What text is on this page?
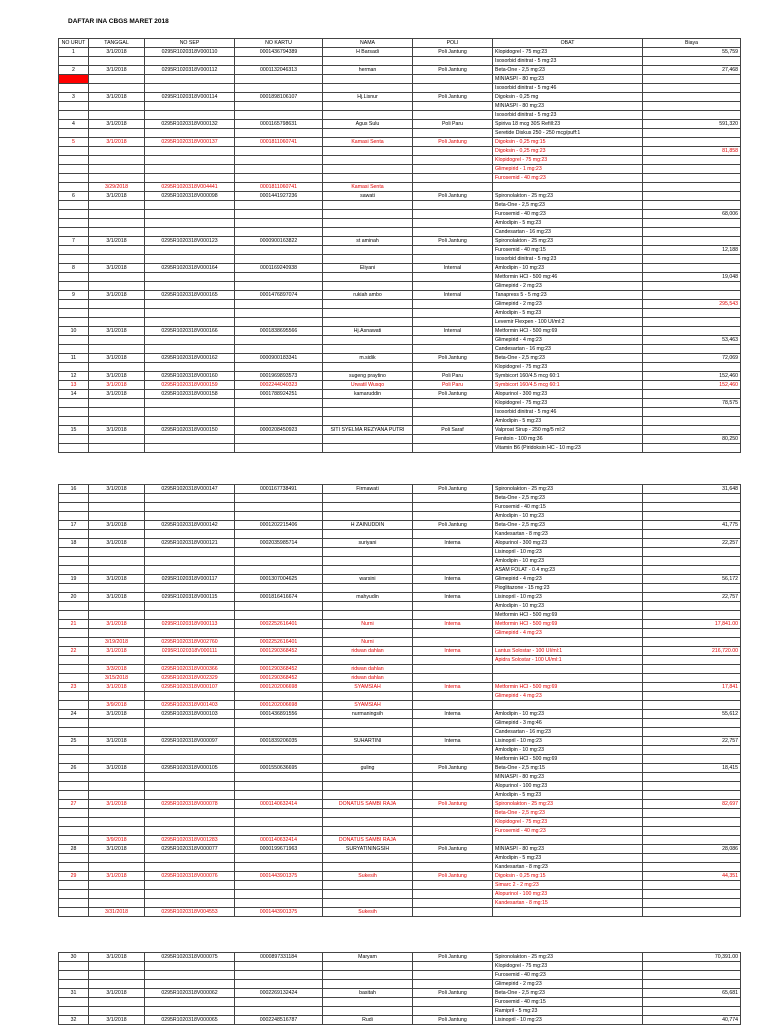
DAFTAR INA CBGS MARET 2018
NO URUT	TANGGAL	NO SEP	NO KARTU	NAMA	POLI	OBAT	Biaya
1	3/1/2018	0295R1020318V000110	0001436794389	H Barsadi	Poli Jantung	Klopidogrel - 75 mg:23	55,759
						Isosorbid dinitrat - 5 mg:23	
2	3/1/2018	0295R1020318V000112	0001132046313	herman	Poli Jantung	Beta-One - 2,5 mg:23	27,468
						MINIASPI - 80 mg:23	
						Isosorbid dinitrat - 5 mg:46	
3	3/1/2018	0295R1020318V000114	0001898106107	Hj.Lisnur	Poli Jantung	Digoksin - 0,25 mg	
						MINIASPI - 80 mg:23	
						Isosorbid dinitrat - 5 mg:23	
4	3/1/2018	0295R1020318V000132	0001165798631	Agus Sulu	Poli Paru	Spiriva 18 mcg 30S Refill:23	591,320
						Seretide Diskus 250 - 250 mcg/puff:1	
5	3/1/2018	0295R1020318V000137	0001811060741	Kamasi Senta	Poli Jantung	Digoksin - 0,25 mg:15	
						Digoksin - 0,25 mg:23	81,858
						Klopidogrel - 75 mg:23	
						Glimepirid - 1 mg:23	
						Furosemid - 40 mg:23	
	3/29/2018	0295R1020318V004441	0001811060741	Kamasi Senta			
6	3/1/2018	0295R1020318V000098	0001441927236	sawati	Poli Jantung	Spironolakton - 25 mg:23	
						Beta-One - 2,5 mg:23	
						Furosemid - 40 mg:23	68,006
						Amlodipin - 5 mg:23	
						Candesartan - 16 mg:23	
7	3/1/2018	0295R1020318V000123	0000900163822	st aminah	Poli Jantung	Spironolakton - 25 mg:23	
						Furosemid - 40 mg:15	12,188
						Isosorbid dinitrat - 5 mg:23	
8	3/1/2018	0295R1020318V000164	0001169240938	Eliyani	Internal	Amlodipin - 10 mg:23	
						Metformin HCl - 500 mg:46	19,048
						Glimepirid - 2 mg:23	
9	3/1/2018	0295R1020318V000165	0001476897074	rukiah ambo	Internal	Tanapress 5 - 5 mg:23	
						Glimepirid - 2 mg:23	295,543
						Amlodipin - 5 mg:23	
						Levemir Flexpen - 100 UI/ml:2	
10	3/1/2018	0295R1020318V000166	0001838695566	Hj.Asnawati	Internal	Metformin HCl - 500 mg:69	
						Glimepirid - 4 mg:23	53,463
						Candesartan - 16 mg:23	
11	3/1/2018	0295R1020318V000162	0000900183341	m.sidik	Poli Jantung	Beta-One - 2,5 mg:23	72,069
						Klopidogrel - 75 mg:23	
12	3/1/2018	0295R1020318V000160	0001969893573	sugeng praytino	Poli Paru	Symbicort 160/4.5 mcg 60:1	152,460
13	3/1/2018	0295R1020318V000159	0002244040323	Urwatil Wusqo	Poli Paru	Symbicort 160/4.5 mcg 60:1	152,460
14	3/1/2018	0295R1020318V000158	0001788924251	kamaruddin	Poli Jantung	Alopurinol - 300 mg:23	
						Klopidogrel - 75 mg:23	78,575
						Isosorbid dinitrat - 5 mg:46	
						Amlodipin - 5 mg:23	
15	3/1/2018	0295R1020318V000150	0000208450923	SITI SYELMA REZYANA PUTRI	Poli Saraf	Valproat Sirup - 250 mg/5 ml:2	
						Fenitoin - 100 mg:36	80,250
						Vitamin B6 (Piridoksin HC - 10 mg:23	
16	3/1/2018	0295R1020318V000147	0001167738491	Firmawati	Poli Jantung	Spironolakton - 25 mg:23	31,648
						Beta-One - 2,5 mg:23	
						Furosemid - 40 mg:15	
						Amlodipin - 10 mg:23	
17	3/1/2018	0295R1020318V000142	0001202215406	H ZAINUDDIN	Poli Jantung	Beta-One - 2,5 mg:23	41,775
						Kandesartan - 8 mg:23	
18	3/1/2018	0295R1020318V000121	0002035985714	suriyani	Interna	Alopurinol - 300 mg:23	22,257
						Lisinopril - 10 mg:23	
						Amlodipin - 10 mg:23	
						ASAM FOLAT - 0.4 mg:23	
19	3/1/2018	0295R1020318V000117	0001307004625	warsini	Interna	Glimepirid - 4 mg:23	56,172
						Pioglitazone - 15 mg:23	
20	3/1/2018	0295R1020318V000115	0001816416674	mahyudin	Interna	Lisinopril - 10 mg:23	22,757
						Amlodipin - 10 mg:23	
						Metformin HCl - 500 mg:69	
21	3/1/2018	0295R1020318V000113	0002252616401	Nurni	Interna	Metformin HCl - 500 mg:69	17,841.00
						Glimepirid - 4 mg:23	
	3/19/2018	0295R1020318V002760	0002252616401	Nurni			
22	3/1/2018	0295R1020318V000111	0001290368452	ridwan dahlan	Interna	Lantus Solostar - 100 UI/ml:1	216,720.00
						Apidra Solostar - 100 UI/ml:1	
	3/3/2018	0295R1020318V000366	0001290368452	ridwan dahlan			
	3/15/2018	0295R1020318V002329	0001290368452	ridwan dahlan			
23	3/1/2018	0295R1020318V000107	0001202006698	SYAMSIAH	Interna	Metformin HCl - 500 mg:69	17,841
						Glimepirid - 4 mg:23	
	3/9/2018	0295R1020318V001403	0001202006698	SYAMSIAH			
24	3/1/2018	0295R1020318V000103	0001436891556	nurmaningsih	Interna	Amlodipin - 10 mg:23	55,612
						Glimepirid - 3 mg:46	
						Candesartan - 16 mg:23	
25	3/1/2018	0295R1020318V000097	0001839206035	SUHARTINI	Interna	Lisinopril - 10 mg:23	22,757
						Amlodipin - 10 mg:23	
						Metformin HCl - 500 mg:69	
26	3/1/2018	0295R1020318V000105	0001550636695	guling	Poli Jantung	Beta-One - 2,5 mg:15	18,415
						MINIASPI - 80 mg:23	
						Alopurinol - 100 mg:23	
						Amlodipin - 5 mg:23	
27	3/1/2018	0295R1020318V000078	0001140632414	DONATUS SAMBI RAJA	Poli Jantung	Spironolakton - 25 mg:23	82,697
						Beta-One - 2,5 mg:23	
						Klopidogrel - 75 mg:23	
						Furosemid - 40 mg:23	
	3/9/2018	0295R1020318V001283	0001140632414	DONATUS SAMBI RAJA			
28	3/1/2018	0295R1020318V000077	0000199671963	SURYATININGSIH	Poli Jantung	MINIASPI - 80 mg:23	28,086
						Amlodipin - 5 mg:23	
						Kandesartan - 8 mg:23	
29	3/1/2018	0295R1020318V000076	0001443901375	Sukesih	Poli Jantung	Digoksin - 0,25 mg:15	44,351
						Simarc 2 - 2 mg:23	
						Alopurinol - 100 mg:23	
						Kandesartan - 8 mg:15	
	3/31/2018	0295R1020318V004553	0001443901375	Sukesih			
30	3/1/2018	0295R1020318V000075	0000897331184	Maryam	Poli Jantung	Spironolakton - 25 mg:23	70,391.00
						Klopidogrel - 75 mg:23	
						Furosemid - 40 mg:23	
						Glimepirid - 2 mg:23	
31	3/1/2018	0295R1020318V000062	0002269132424	basitah	Poli Jantung	Beta-One - 2,5 mg:23	65,681
						Furosemid - 40 mg:15	
						Ramipril - 5 mg:23	
32	3/1/2018	0295R1020318V000065	0002248516787	Rudi	Poli Jantung	Lisinopril - 10 mg:23	40,774
